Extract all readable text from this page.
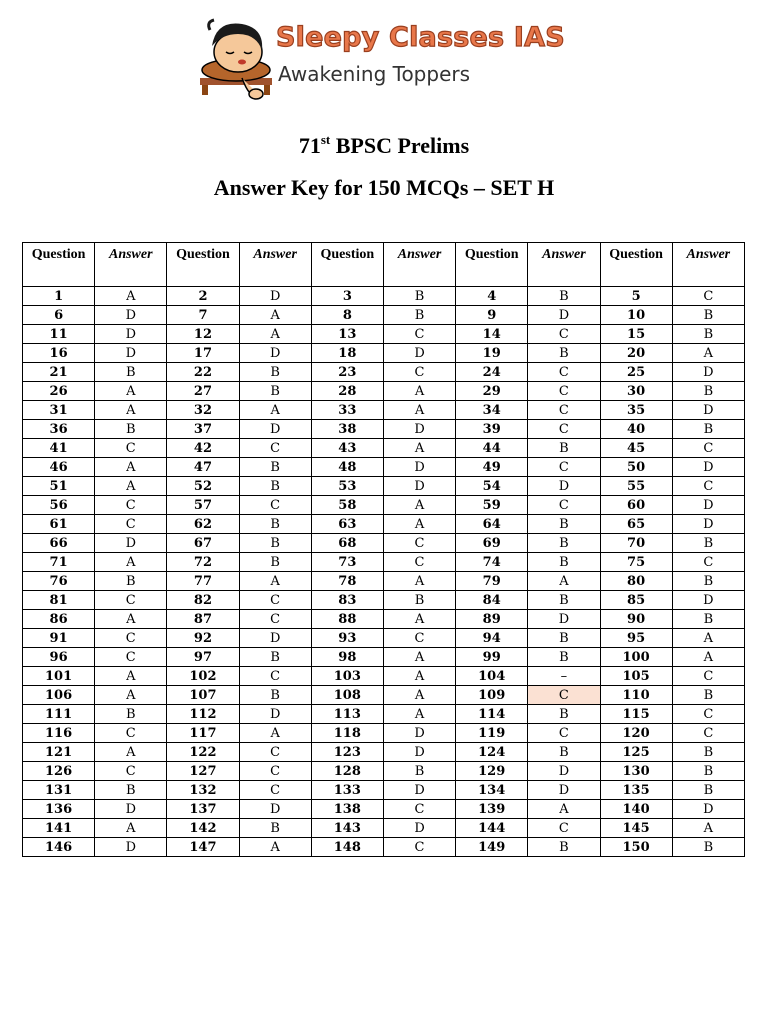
Sleepy Classes IAS
Awakening Toppers
71st BPSC Prelims
Answer Key for 150 MCQs – SET H
Question	Answer	Question	Answer	Question	Answer	Question	Answer	Question	Answer
1	A	2	D	3	B	4	B	5	C
6	D	7	A	8	B	9	D	10	B
11	D	12	A	13	C	14	C	15	B
16	D	17	D	18	D	19	B	20	A
21	B	22	B	23	C	24	C	25	D
26	A	27	B	28	A	29	C	30	B
31	A	32	A	33	A	34	C	35	D
36	B	37	D	38	D	39	C	40	B
41	C	42	C	43	A	44	B	45	C
46	A	47	B	48	D	49	C	50	D
51	A	52	B	53	D	54	D	55	C
56	C	57	C	58	A	59	C	60	D
61	C	62	B	63	A	64	B	65	D
66	D	67	B	68	C	69	B	70	B
71	A	72	B	73	C	74	B	75	C
76	B	77	A	78	A	79	A	80	B
81	C	82	C	83	B	84	B	85	D
86	A	87	C	88	A	89	D	90	B
91	C	92	D	93	C	94	B	95	A
96	C	97	B	98	A	99	B	100	A
101	A	102	C	103	A	104	–	105	C
106	A	107	B	108	A	109	C	110	B
111	B	112	D	113	A	114	B	115	C
116	C	117	A	118	D	119	C	120	C
121	A	122	C	123	D	124	B	125	B
126	C	127	C	128	B	129	D	130	B
131	B	132	C	133	D	134	D	135	B
136	D	137	D	138	C	139	A	140	D
141	A	142	B	143	D	144	C	145	A
146	D	147	A	148	C	149	B	150	B
